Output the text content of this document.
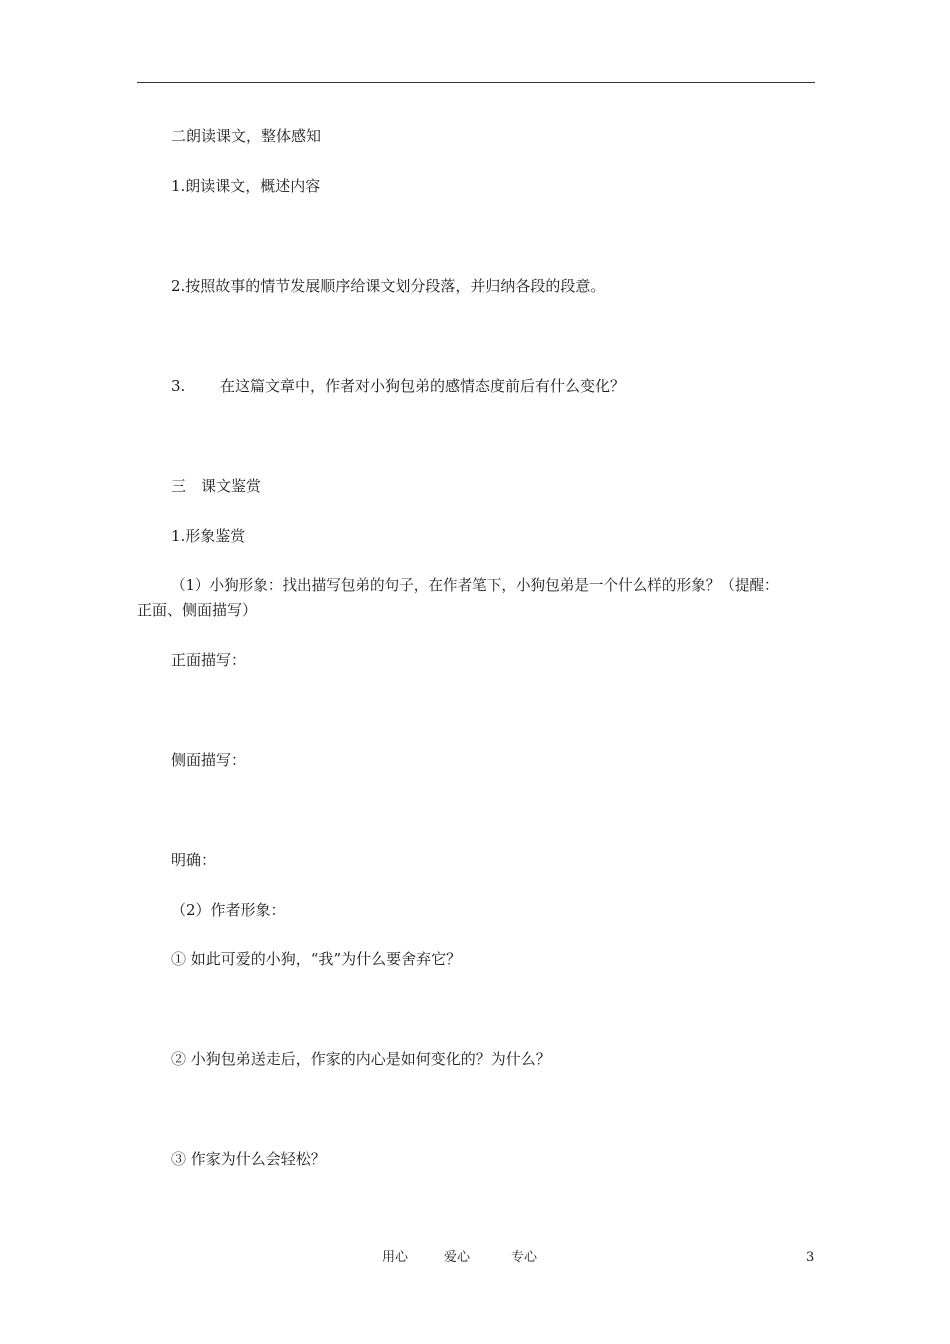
二朗读课文，整体感知
1.朗读课文，概述内容
2.按照故事的情节发展顺序给课文划分段落，并归纳各段的段意。
3. 在这篇文章中，作者对小狗包弟的感情态度前后有什么变化？
三　课文鉴赏
1.形象鉴赏
（1）小狗形象：找出描写包弟的句子，在作者笔下，小狗包弟是一个什么样的形象？（提醒：
正面、侧面描写）
正面描写：
侧面描写：
明确：
（2）作者形象：
① 如此可爱的小狗，“我”为什么要舍弃它？
② 小狗包弟送走后，作家的内心是如何变化的？为什么？
③ 作家为什么会轻松？
用心	爱心	专心	3
